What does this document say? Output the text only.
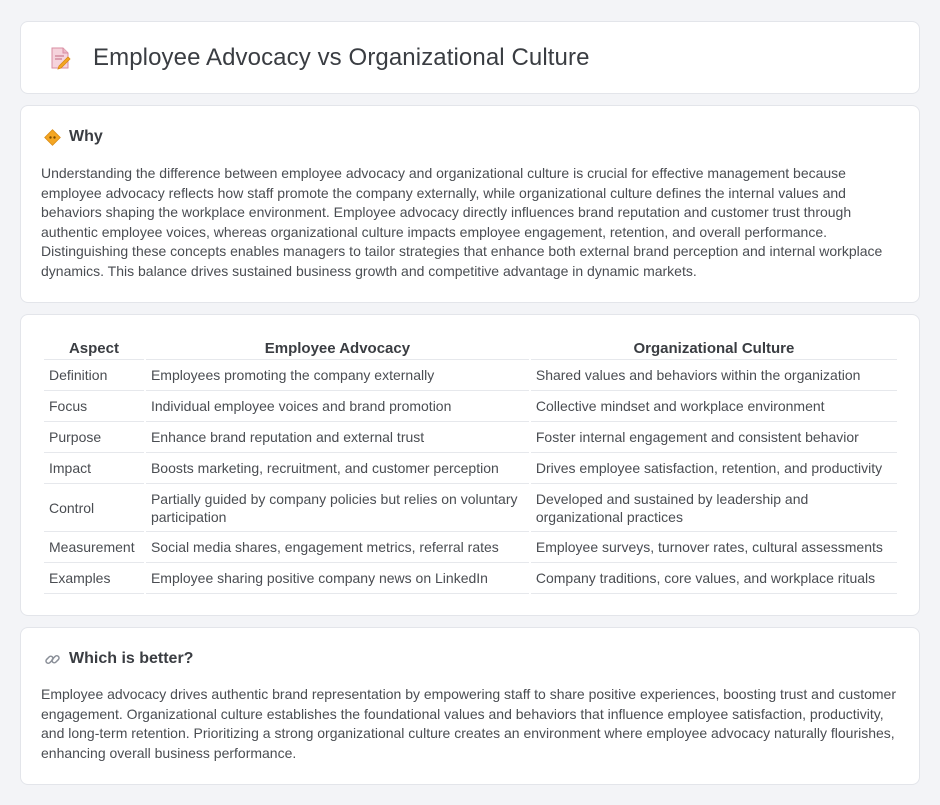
Employee Advocacy vs Organizational Culture
Why

Understanding the difference between employee advocacy and organizational culture is crucial for effective management because employee advocacy reflects how staff promote the company externally, while organizational culture defines the internal values and behaviors shaping the workplace environment. Employee advocacy directly influences brand reputation and customer trust through authentic employee voices, whereas organizational culture impacts employee engagement, retention, and overall performance. Distinguishing these concepts enables managers to tailor strategies that enhance both external brand perception and internal workplace dynamics. This balance drives sustained business growth and competitive advantage in dynamic markets.

Aspect	Employee Advocacy	Organizational Culture
Definition	Employees promoting the company externally	Shared values and behaviors within the organization
Focus	Individual employee voices and brand promotion	Collective mindset and workplace environment
Purpose	Enhance brand reputation and external trust	Foster internal engagement and consistent behavior
Impact	Boosts marketing, recruitment, and customer perception	Drives employee satisfaction, retention, and productivity
Control	Partially guided by company policies but relies on voluntary participation	Developed and sustained by leadership and organizational practices
Measurement	Social media shares, engagement metrics, referral rates	Employee surveys, turnover rates, cultural assessments
Examples	Employee sharing positive company news on LinkedIn	Company traditions, core values, and workplace rituals
Which is better?

Employee advocacy drives authentic brand representation by empowering staff to share positive experiences, boosting trust and customer engagement. Organizational culture establishes the foundational values and behaviors that influence employee satisfaction, productivity, and long-term retention. Prioritizing a strong organizational culture creates an environment where employee advocacy naturally flourishes, enhancing overall business performance.
